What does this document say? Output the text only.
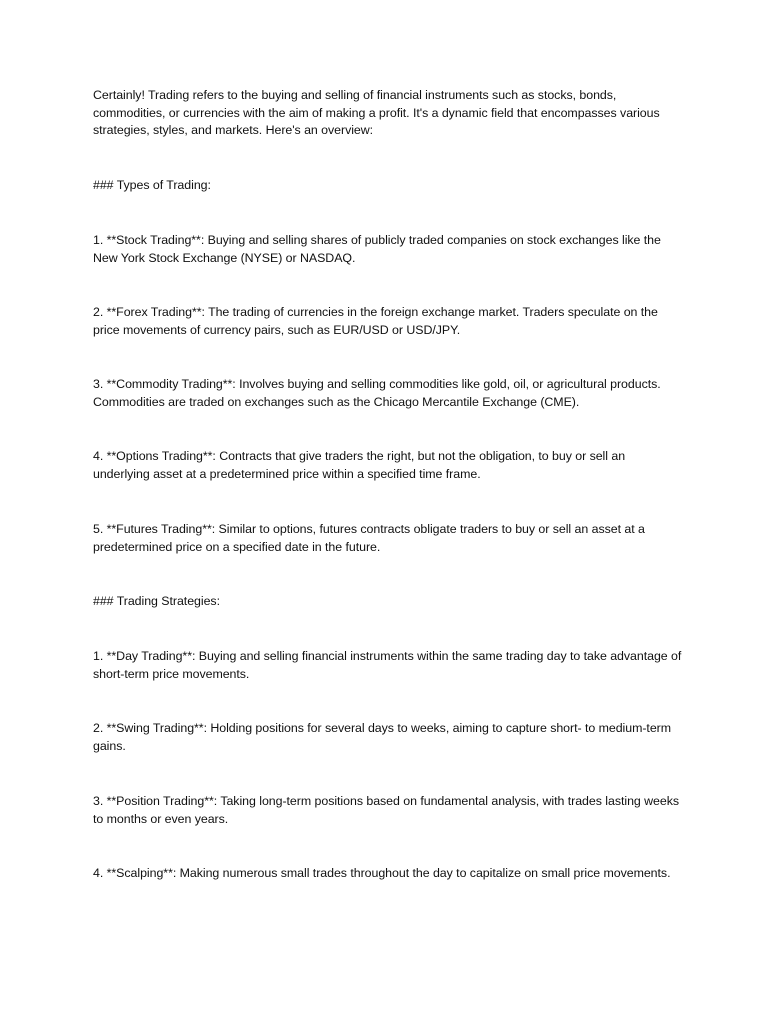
Certainly! Trading refers to the buying and selling of financial instruments such as stocks, bonds, commodities, or currencies with the aim of making a profit. It's a dynamic field that encompasses various strategies, styles, and markets. Here's an overview:

### Types of Trading:

1. **Stock Trading**: Buying and selling shares of publicly traded companies on stock exchanges like the New York Stock Exchange (NYSE) or NASDAQ.

2. **Forex Trading**: The trading of currencies in the foreign exchange market. Traders speculate on the price movements of currency pairs, such as EUR/USD or USD/JPY.

3. **Commodity Trading**: Involves buying and selling commodities like gold, oil, or agricultural products. Commodities are traded on exchanges such as the Chicago Mercantile Exchange (CME).

4. **Options Trading**: Contracts that give traders the right, but not the obligation, to buy or sell an underlying asset at a predetermined price within a specified time frame.

5. **Futures Trading**: Similar to options, futures contracts obligate traders to buy or sell an asset at a predetermined price on a specified date in the future.

### Trading Strategies:

1. **Day Trading**: Buying and selling financial instruments within the same trading day to take advantage of short-term price movements.

2. **Swing Trading**: Holding positions for several days to weeks, aiming to capture short- to medium-term gains.

3. **Position Trading**: Taking long-term positions based on fundamental analysis, with trades lasting weeks to months or even years.

4. **Scalping**: Making numerous small trades throughout the day to capitalize on small price movements.
